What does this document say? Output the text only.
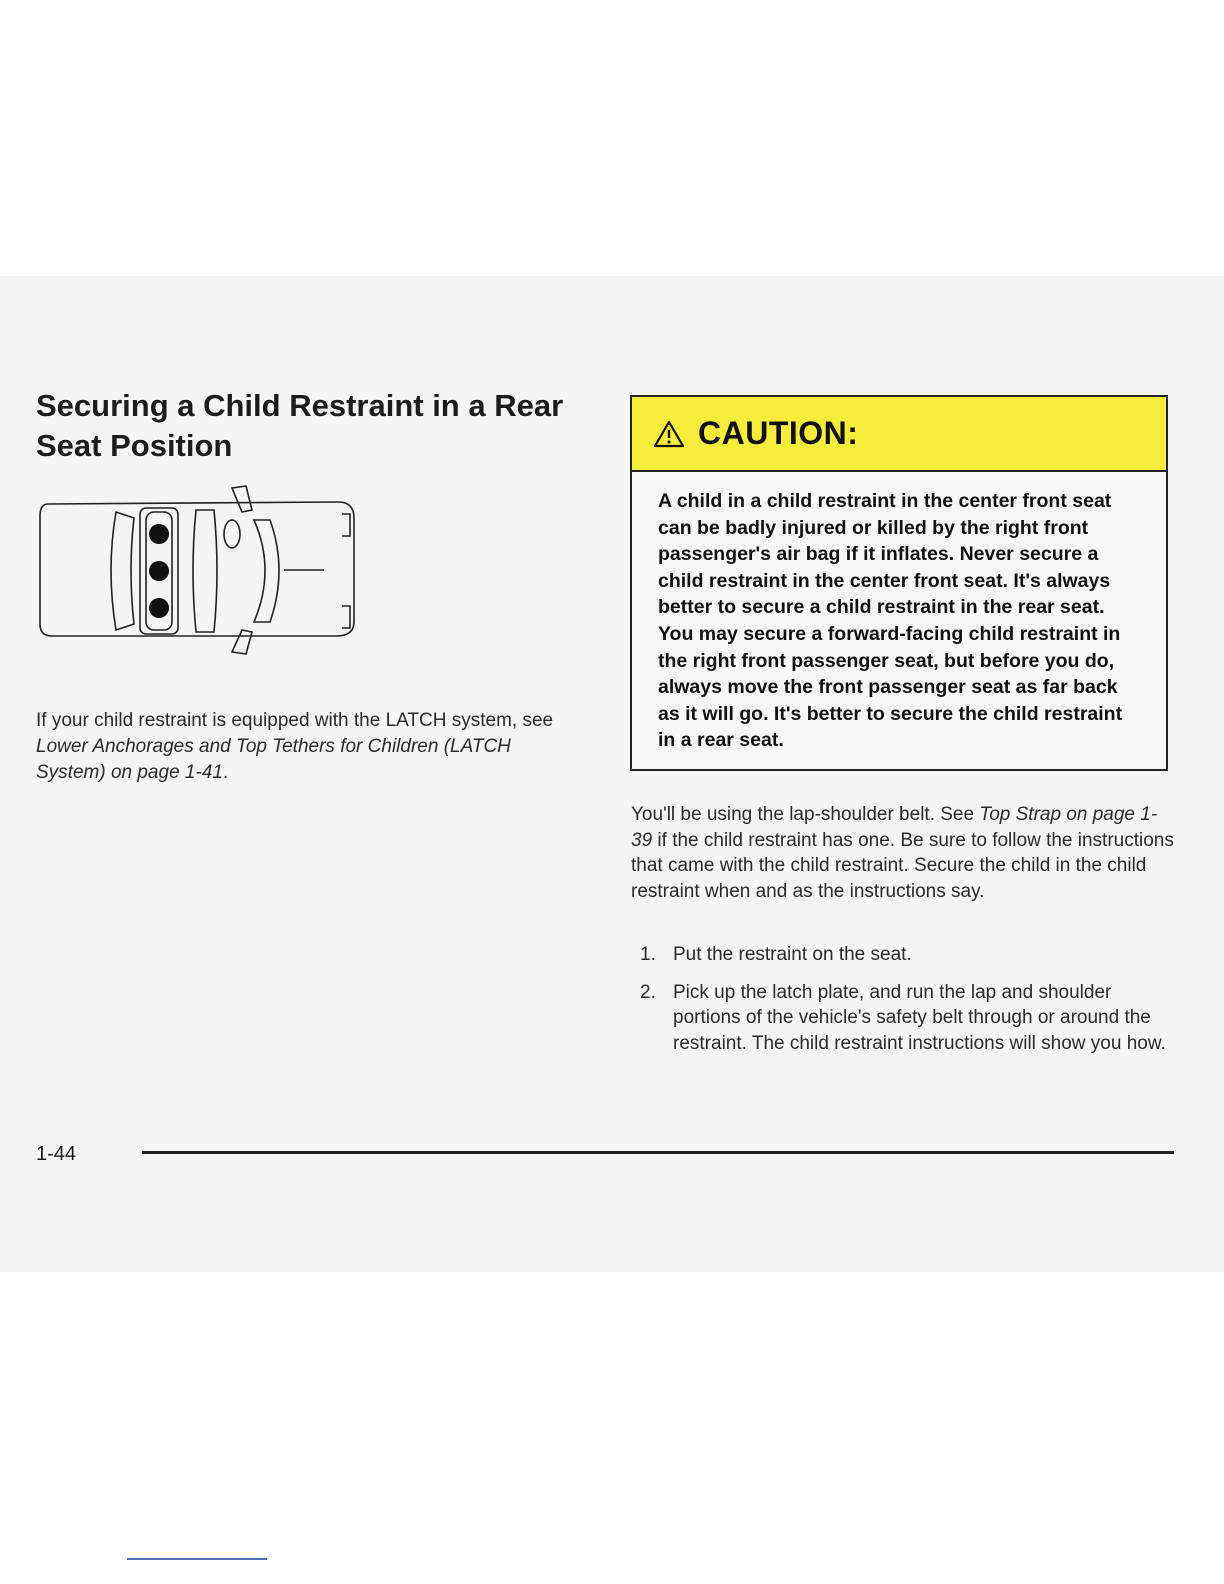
Securing a Child Restraint in a Rear Seat Position

If your child restraint is equipped with the LATCH system, see Lower Anchorages and Top Tethers for Children (LATCH System) on page 1-41.

CAUTION:

A child in a child restraint in the center front seat can be badly injured or killed by the right front passenger's air bag if it inflates. Never secure a child restraint in the center front seat. It's always better to secure a child restraint in the rear seat. You may secure a forward-facing child restraint in the right front passenger seat, but before you do, always move the front passenger seat as far back as it will go. It's better to secure the child restraint in a rear seat.

You'll be using the lap-shoulder belt. See Top Strap on page 1-39 if the child restraint has one. Be sure to follow the instructions that came with the child restraint. Secure the child in the child restraint when and as the instructions say.

1. Put the restraint on the seat.
2. Pick up the latch plate, and run the lap and shoulder portions of the vehicle's safety belt through or around the restraint. The child restraint instructions will show you how.
1-44
